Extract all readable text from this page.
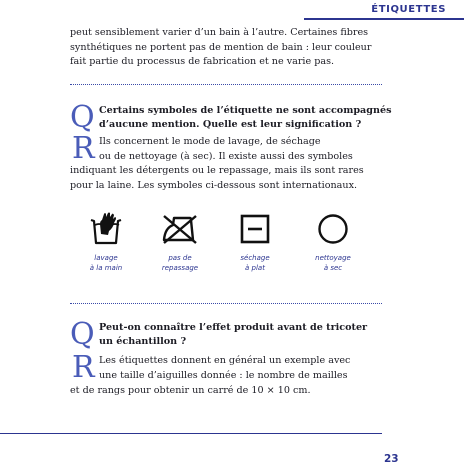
ÉTIQUETTES

peut sensiblement varier d’un bain à l’autre. Certaines fibres
synthétiques ne portent pas de mention de bain : leur couleur
fait partie du processus de fabrication et ne varie pas.

Q Certains symboles de l’étiquette ne sont accompagnés
d’aucune mention. Quelle est leur signification ?

R Ils concernent le mode de lavage, de séchage
ou de nettoyage (à sec). Il existe aussi des symboles

indiquant les détergents ou le repassage, mais ils sont rares
pour la laine. Les symboles ci-dessous sont internationaux.

lavage
à la main
pas de
repassage
séchage
à plat
nettoyage
à sec
Q Peut-on connaître l’effet produit avant de tricoter
un échantillon ?

R Les étiquettes donnent en général un exemple avec
une taille d’aiguilles donnée : le nombre de mailles

et de rangs pour obtenir un carré de 10 × 10 cm.

23
